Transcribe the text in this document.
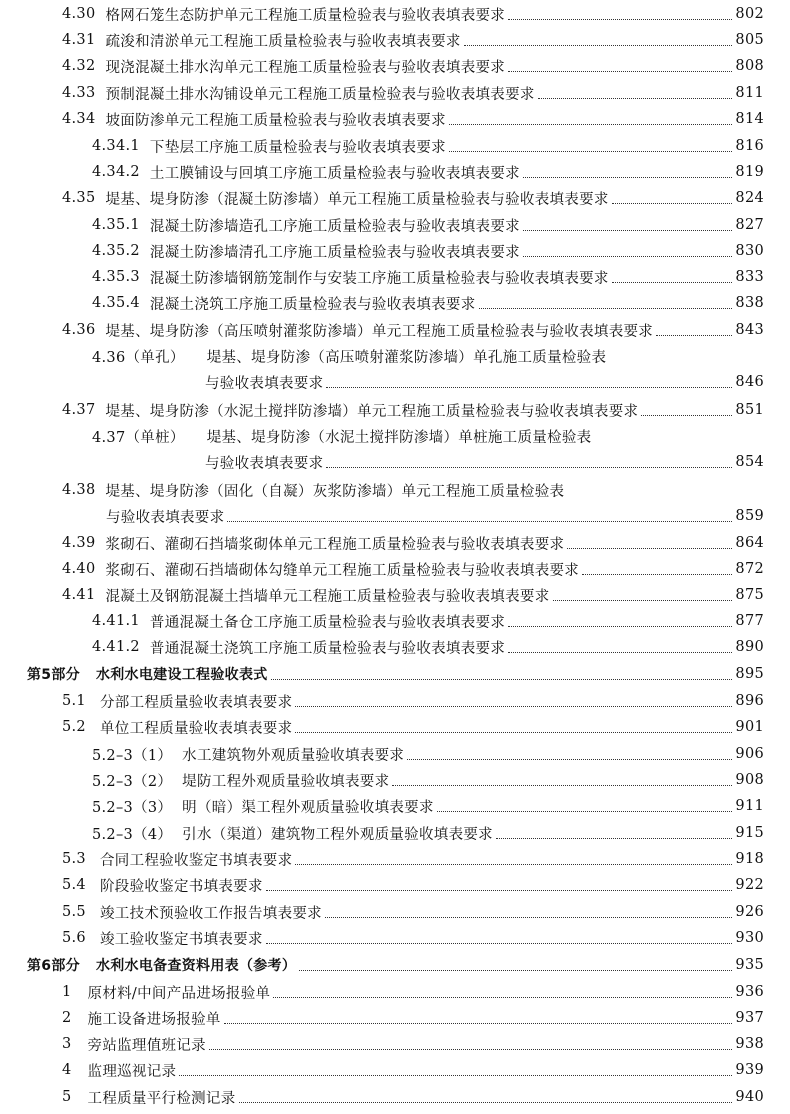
4.30 格网石笼生态防护单元工程施工质量检验表与验收表填表要求	802
4.31 疏浚和清淤单元工程施工质量检验表与验收表填表要求	805
4.32 现浇混凝土排水沟单元工程施工质量检验表与验收表填表要求	808
4.33 预制混凝土排水沟铺设单元工程施工质量检验表与验收表填表要求	811
4.34 坡面防渗单元工程施工质量检验表与验收表填表要求	814
4.34.1 下垫层工序施工质量检验表与验收表填表要求	816
4.34.2 土工膜铺设与回填工序施工质量检验表与验收表填表要求	819
4.35 堤基、堤身防渗（混凝土防渗墙）单元工程施工质量检验表与验收表填表要求	824
4.35.1 混凝土防渗墙造孔工序施工质量检验表与验收表填表要求	827
4.35.2 混凝土防渗墙清孔工序施工质量检验表与验收表填表要求	830
4.35.3 混凝土防渗墙钢筋笼制作与安装工序施工质量检验表与验收表填表要求	833
4.35.4 混凝土浇筑工序施工质量检验表与验收表填表要求	838
4.36 堤基、堤身防渗（高压喷射灌浆防渗墙）单元工程施工质量检验表与验收表填表要求	843
4.36（单孔） 堤基、堤身防渗（高压喷射灌浆防渗墙）单孔施工质量检验表
与验收表填表要求	846
4.37 堤基、堤身防渗（水泥土搅拌防渗墙）单元工程施工质量检验表与验收表填表要求	851
4.37（单桩） 堤基、堤身防渗（水泥土搅拌防渗墙）单桩施工质量检验表
与验收表填表要求	854
4.38 堤基、堤身防渗（固化（自凝）灰浆防渗墙）单元工程施工质量检验表
与验收表填表要求	859
4.39 浆砌石、灌砌石挡墙浆砌体单元工程施工质量检验表与验收表填表要求	864
4.40 浆砌石、灌砌石挡墙砌体勾缝单元工程施工质量检验表与验收表填表要求	872
4.41 混凝土及钢筋混凝土挡墙单元工程施工质量检验表与验收表填表要求	875
4.41.1 普通混凝土备仓工序施工质量检验表与验收表填表要求	877
4.41.2 普通混凝土浇筑工序施工质量检验表与验收表填表要求	890
第5部分 水利水电建设工程验收表式	895
5.1 分部工程质量验收表填表要求	896
5.2 单位工程质量验收表填表要求	901
5.2–3（1） 水工建筑物外观质量验收填表要求	906
5.2–3（2） 堤防工程外观质量验收填表要求	908
5.2–3（3） 明（暗）渠工程外观质量验收填表要求	911
5.2–3（4） 引水（渠道）建筑物工程外观质量验收填表要求	915
5.3 合同工程验收鉴定书填表要求	918
5.4 阶段验收鉴定书填表要求	922
5.5 竣工技术预验收工作报告填表要求	926
5.6 竣工验收鉴定书填表要求	930
第6部分 水利水电备查资料用表（参考）	935
1 原材料/中间产品进场报验单	936
2 施工设备进场报验单	937
3 旁站监理值班记录	938
4 监理巡视记录	939
5 工程质量平行检测记录	940
